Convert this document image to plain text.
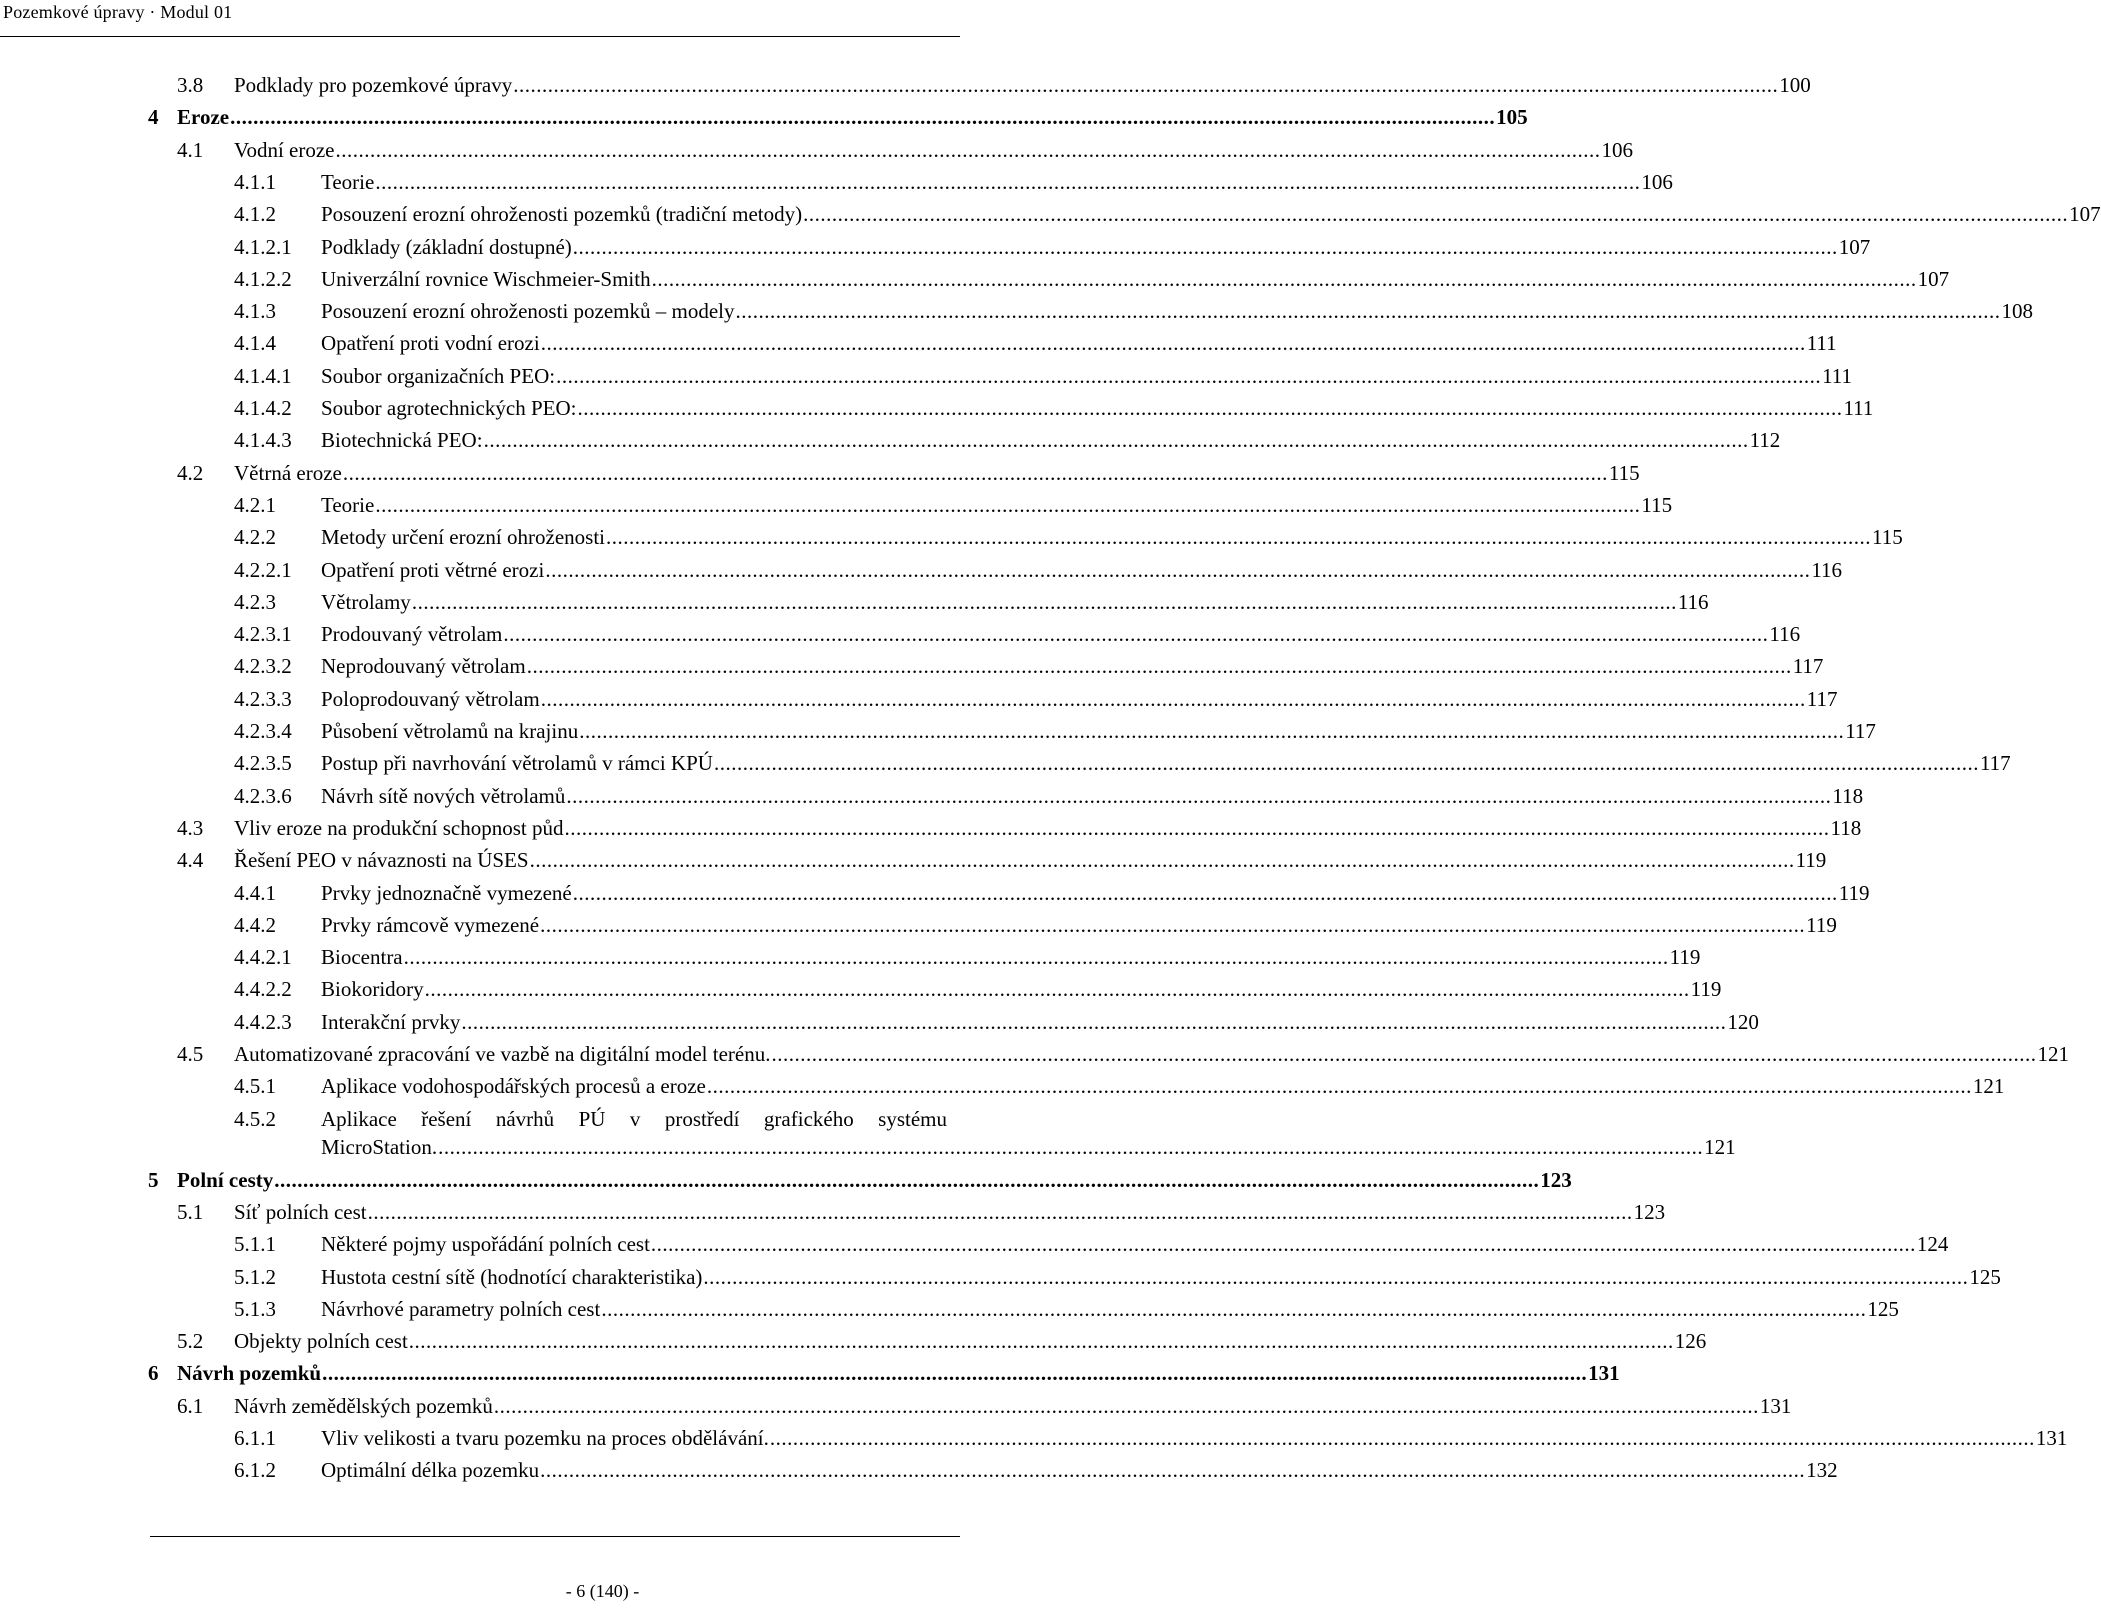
Pozemkové úpravy · Modul 01
3.8 Podklady pro pozemkové úpravy ............................................................................................................................................................................................................................ 100
4 Eroze ............................................................................................................................................................................................................................ 105
4.1 Vodní eroze ............................................................................................................................................................................................................................ 106
4.1.1 Teorie ............................................................................................................................................................................................................................ 106
4.1.2 Posouzení erozní ohroženosti pozemků (tradiční metody) ............................................................................................................................................................................................................................ 107
4.1.2.1 Podklady (základní dostupné) ............................................................................................................................................................................................................................ 107
4.1.2.2 Univerzální rovnice Wischmeier-Smith ............................................................................................................................................................................................................................ 107
4.1.3 Posouzení erozní ohroženosti pozemků – modely ............................................................................................................................................................................................................................ 108
4.1.4 Opatření proti vodní erozi ............................................................................................................................................................................................................................ 111
4.1.4.1 Soubor organizačních PEO: ............................................................................................................................................................................................................................ 111
4.1.4.2 Soubor agrotechnických PEO: ............................................................................................................................................................................................................................ 111
4.1.4.3 Biotechnická PEO: ............................................................................................................................................................................................................................ 112
4.2 Větrná eroze ............................................................................................................................................................................................................................ 115
4.2.1 Teorie ............................................................................................................................................................................................................................ 115
4.2.2 Metody určení erozní ohroženosti ............................................................................................................................................................................................................................ 115
4.2.2.1 Opatření proti větrné erozi ............................................................................................................................................................................................................................ 116
4.2.3 Větrolamy ............................................................................................................................................................................................................................ 116
4.2.3.1 Prodouvaný větrolam ............................................................................................................................................................................................................................ 116
4.2.3.2 Neprodouvaný větrolam ............................................................................................................................................................................................................................ 117
4.2.3.3 Poloprodouvaný větrolam ............................................................................................................................................................................................................................ 117
4.2.3.4 Působení větrolamů na krajinu ............................................................................................................................................................................................................................ 117
4.2.3.5 Postup při navrhování větrolamů v rámci KPÚ ............................................................................................................................................................................................................................ 117
4.2.3.6 Návrh sítě nových větrolamů ............................................................................................................................................................................................................................ 118
4.3 Vliv eroze na produkční schopnost půd ............................................................................................................................................................................................................................ 118
4.4 Řešení PEO v návaznosti na ÚSES ............................................................................................................................................................................................................................ 119
4.4.1 Prvky jednoznačně vymezené ............................................................................................................................................................................................................................ 119
4.4.2 Prvky rámcově vymezené ............................................................................................................................................................................................................................ 119
4.4.2.1 Biocentra ............................................................................................................................................................................................................................ 119
4.4.2.2 Biokoridory ............................................................................................................................................................................................................................ 119
4.4.2.3 Interakční prvky ............................................................................................................................................................................................................................ 120
4.5 Automatizované zpracování ve vazbě na digitální model terénu. ............................................................................................................................................................................................................................ 121
4.5.1 Aplikace vodohospodářských procesů a eroze ............................................................................................................................................................................................................................ 121
4.5.2 Aplikace řešení návrhů PÚ v prostředí grafického systému
MicroStation. ............................................................................................................................................................................................................................ 121
5 Polní cesty ............................................................................................................................................................................................................................ 123
5.1 Síť polních cest ............................................................................................................................................................................................................................ 123
5.1.1 Některé pojmy uspořádání polních cest ............................................................................................................................................................................................................................ 124
5.1.2 Hustota cestní sítě (hodnotící charakteristika) ............................................................................................................................................................................................................................ 125
5.1.3 Návrhové parametry polních cest ............................................................................................................................................................................................................................ 125
5.2 Objekty polních cest ............................................................................................................................................................................................................................ 126
6 Návrh pozemků ............................................................................................................................................................................................................................ 131
6.1 Návrh zemědělských pozemků ............................................................................................................................................................................................................................ 131
6.1.1 Vliv velikosti a tvaru pozemku na proces obdělávání. ............................................................................................................................................................................................................................ 131
6.1.2 Optimální délka pozemku ............................................................................................................................................................................................................................ 132
- 6 (140) -
